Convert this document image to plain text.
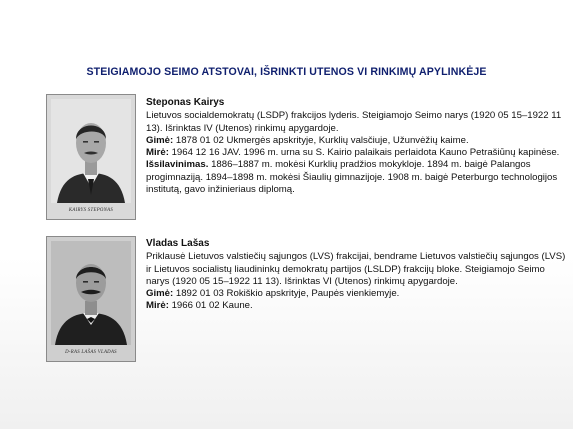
STEIGIAMOJO SEIMO ATSTOVAI, IŠRINKTI UTENOS VI RINKIMŲ APYLINKĖJE
KAIRYS STEPONAS
Steponas Kairys

Lietuvos socialdemokratų (LSDP) frakcijos lyderis. Steigiamojo Seimo narys (1920 05 15–1922 11 13). Išrinktas IV (Utenos) rinkimų apygardoje.

Gimė: 1878 01 02 Ukmergės apskrityje, Kurklių valsčiuje, Užunvėžių kaime.

Mirė: 1964 12 16 JAV. 1996 m. urna su S. Kairio palaikais perlaidota Kauno Petrašiūnų kapinėse.

Išsilavinimas. 1886–1887 m. mokėsi Kurklių pradžios mokykloje. 1894 m. baigė Palangos progimnaziją. 1894–1898 m. mokėsi Šiaulių gimnazijoje. 1908 m. baigė Peterburgo technologijos institutą, gavo inžinieriaus diplomą.

D-RAS LAŠAS VLADAS
Vladas Lašas

Priklausė Lietuvos valstiečių sąjungos (LVS) frakcijai, bendrame Lietuvos valstiečių sąjungos (LVS) ir Lietuvos socialistų liaudininkų demokratų partijos (LSLDP) frakcijų bloke. Steigiamojo Seimo narys (1920 05 15–1922 11 13). Išrinktas VI (Utenos) rinkimų apygardoje.

Gimė: 1892 01 03 Rokiškio apskrityje, Paupės vienkiemyje.

Mirė: 1966 01 02 Kaune.
